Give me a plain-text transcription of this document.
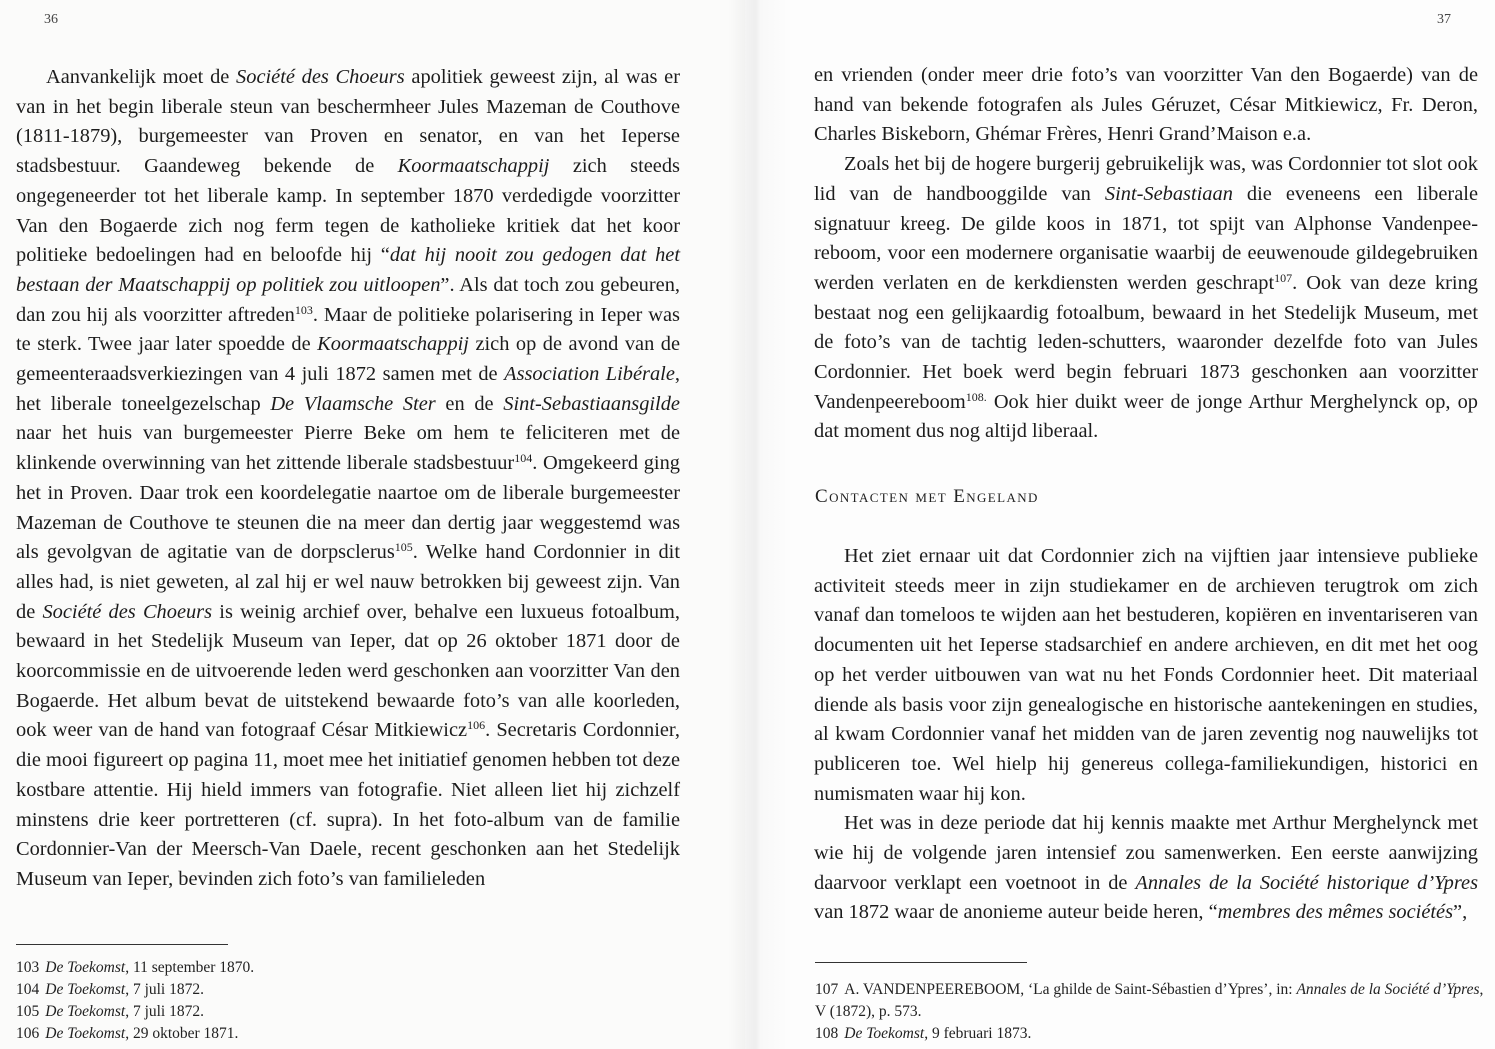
36

Aanvankelijk moet de Société des Choeurs apolitiek geweest zijn, al was er van in het begin liberale steun van beschermheer Jules Mazeman de Couthove (1811-1879), burgemeester van Proven en senator, en van het Ieperse stadsbestuur. Gaandeweg bekende de Koormaatschappij zich steeds ongegeneerder tot het liberale kamp. In september 1870 verdedigde voorzitter Van den Bogaerde zich nog ferm tegen de katholieke kritiek dat het koor politieke bedoelingen had en beloofde hij “dat hij nooit zou gedogen dat het bestaan der Maatschappij op politiek zou uitloopen”. Als dat toch zou gebeuren, dan zou hij als voorzitter aftreden$^{103}$. Maar de politieke polarisering in Ieper was te sterk. Twee jaar later spoedde de Koormaatschappij zich op de avond van de gemeenteraadsverkiezingen van 4 juli 1872 samen met de Association Libérale, het liberale toneelgezelschap De Vlaamsche Ster en de Sint-Sebastiaansgilde naar het huis van burgemeester Pierre Beke om hem te feliciteren met de klinkende overwinning van het zittende liberale stadsbestuur$^{104}$. Omgekeerd ging het in Proven. Daar trok een koordelegatie naartoe om de liberale burgemeester Mazeman de Couthove te steunen die na meer dan dertig jaar weggestemd was als gevolgvan de agitatie van de dorpsclerus$^{105}$. Welke hand Cordonnier in dit alles had, is niet geweten, al zal hij er wel nauw betrokken bij geweest zijn. Van de Société des Choeurs is weinig archief over, behalve een luxueus fotoalbum, bewaard in het Stedelijk Museum van Ieper, dat op 26 oktober 1871 door de koorcommissie en de uitvoerende leden werd geschonken aan voorzitter Van den Bogaerde. Het album bevat de uitstekend bewaarde foto’s van alle koorleden, ook weer van de hand van fotograaf César Mitkiewicz$^{106}$. Secretaris Cordonnier, die mooi figureert op pagina 11, moet mee het initiatief genomen hebben tot deze kostbare attentie. Hij hield immers van fotografie. Niet alleen liet hij zichzelf minstens drie keer portretteren (cf. supra). In het foto-album van de familie Cordonnier-Van der Meersch-Van Daele, recent geschonken aan het Stedelijk Museum van Ieper, bevinden zich foto’s van familieleden

103 De Toekomst, 11 september 1870.
104 De Toekomst, 7 juli 1872.
105 De Toekomst, 7 juli 1872.
106 De Toekomst, 29 oktober 1871.
37

en vrienden (onder meer drie foto’s van voorzitter Van den Bogaerde) van de hand van bekende fotografen als Jules Géruzet, César Mitkiewicz, Fr. Deron, Charles Biskeborn, Ghémar Frères, Henri Grand’Maison e.a.

Zoals het bij de hogere burgerij gebruikelijk was, was Cordonnier tot slot ook lid van de handbooggilde van Sint-Sebastiaan die eveneens een liberale signatuur kreeg. De gilde koos in 1871, tot spijt van Alphonse Vandenpeereboom, voor een modernere organisatie waarbij de eeuwenoude gildegebruiken werden verlaten en de kerkdiensten werden geschrapt$^{107}$. Ook van deze kring bestaat nog een gelijkaardig fotoalbum, bewaard in het Stedelijk Museum, met de foto’s van de tachtig leden-schutters, waaronder dezelfde foto van Jules Cordonnier. Het boek werd begin februari 1873 geschonken aan voorzitter Vandenpeereboom$^{108.}$ Ook hier duikt weer de jonge Arthur Merghelynck op, op dat moment dus nog altijd liberaal.

107 A. VANDENPEEREBOOM, ‘La ghilde de Saint-Sébastien d’Ypres’, in: Annales de la Société d’Ypres, V (1872), p. 573.
108 De Toekomst, 9 februari 1873.

Het ziet ernaar uit dat Cordonnier zich na vijftien jaar intensieve publieke activiteit steeds meer in zijn studiekamer en de archieven terugtrok om zich vanaf dan tomeloos te wijden aan het bestuderen, kopiëren en inventariseren van documenten uit het Ieperse stadsarchief en andere archieven, en dit met het oog op het verder uitbouwen van wat nu het Fonds Cordonnier heet. Dit materiaal diende als basis voor zijn genealogische en historische aantekeningen en studies, al kwam Cordonnier vanaf het midden van de jaren zeventig nog nauwelijks tot publiceren toe. Wel hielp hij genereus collega-familiekundigen, historici en numismaten waar hij kon.

Het was in deze periode dat hij kennis maakte met Arthur Merghelynck met wie hij de volgende jaren intensief zou samenwerken. Een eerste aanwijzing daarvoor verklapt een voetnoot in de Annales de la Société historique d’Ypres van 1872 waar de anonieme auteur beide heren, “membres des mêmes sociétés”,

Contacten met Engeland
